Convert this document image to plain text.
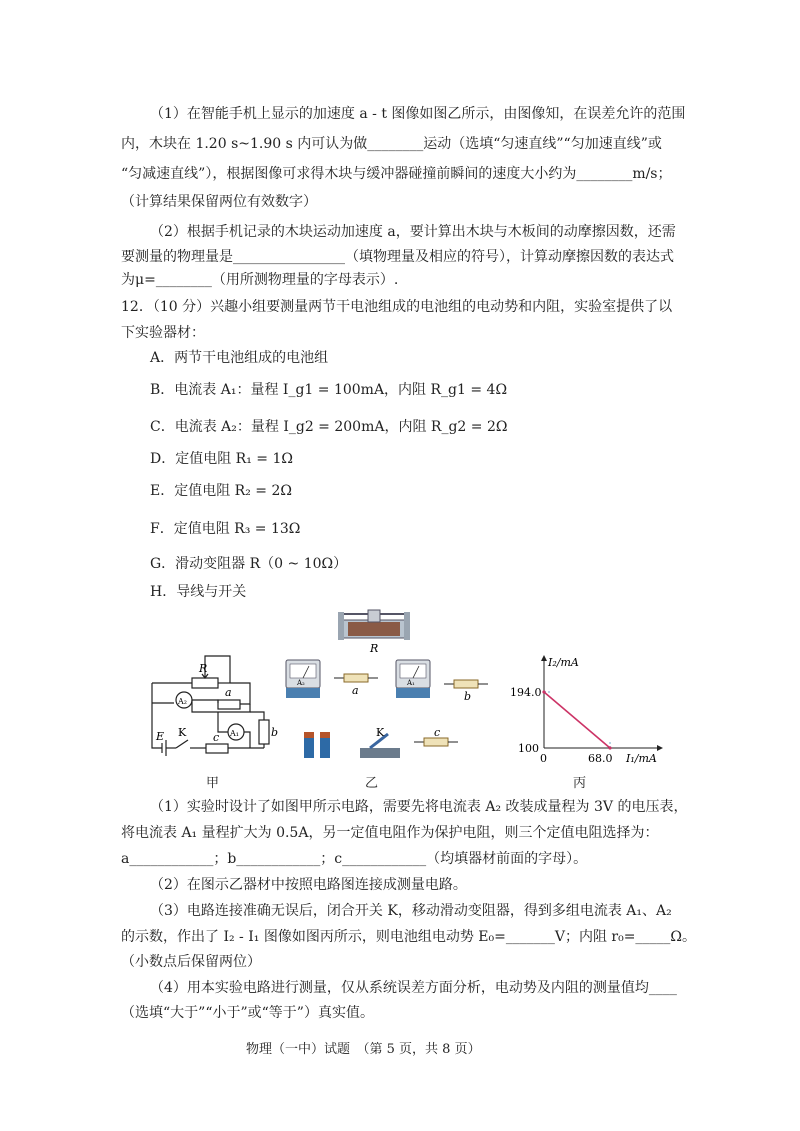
（1）在智能手机上显示的加速度 a - t 图像如图乙所示，由图像知，在误差允许的范围
内，木块在 1.20 s~1.90 s 内可认为做________运动（选填“匀速直线”“匀加速直线”或
“匀减速直线”），根据图像可求得木块与缓冲器碰撞前瞬间的速度大小约为________m/s；
（计算结果保留两位有效数字）
（2）根据手机记录的木块运动加速度 a，要计算出木块与木板间的动摩擦因数，还需
要测量的物理量是________________（填物理量及相应的符号），计算动摩擦因数的表达式
为μ=________（用所测物理量的字母表示）.
12．（10 分）兴趣小组要测量两节干电池组成的电池组的电动势和内阻，实验室提供了以
下实验器材：
A．两节干电池组成的电池组
B．电流表 A₁：量程 I_g1 = 100mA，内阻 R_g1 = 4Ω
C．电流表 A₂：量程 I_g2 = 200mA，内阻 R_g2 = 2Ω
D．定值电阻 R₁ = 1Ω
E．定值电阻 R₂ = 2Ω
F．定值电阻 R₃ = 13Ω
G．滑动变阻器 R（0 ~ 10Ω）
H．导线与开关
R
A₂
A₁
R
a
b
c
E K
甲
A₂
a
A₁
b
K	c
乙
I₂/mA
I₁/mA
194.0
100
0	68.0
丙
（1）实验时设计了如图甲所示电路，需要先将电流表 A₂ 改装成量程为 3V 的电压表，
将电流表 A₁ 量程扩大为 0.5A，另一定值电阻作为保护电阻，则三个定值电阻选择为：
a____________；b____________；c____________（均填器材前面的字母）。
（2）在图示乙器材中按照电路图连接成测量电路。
（3）电路连接准确无误后，闭合开关 K，移动滑动变阻器，得到多组电流表 A₁、A₂
的示数，作出了 I₂ - I₁ 图像如图丙所示，则电池组电动势 E₀=_______V；内阻 r₀=_____Ω。
（小数点后保留两位）
（4）用本实验电路进行测量，仅从系统误差方面分析，电动势及内阻的测量值均____
（选填“大于”“小于”或“等于”）真实值。
物理（一中）试题　（第 5 页，共 8 页）
